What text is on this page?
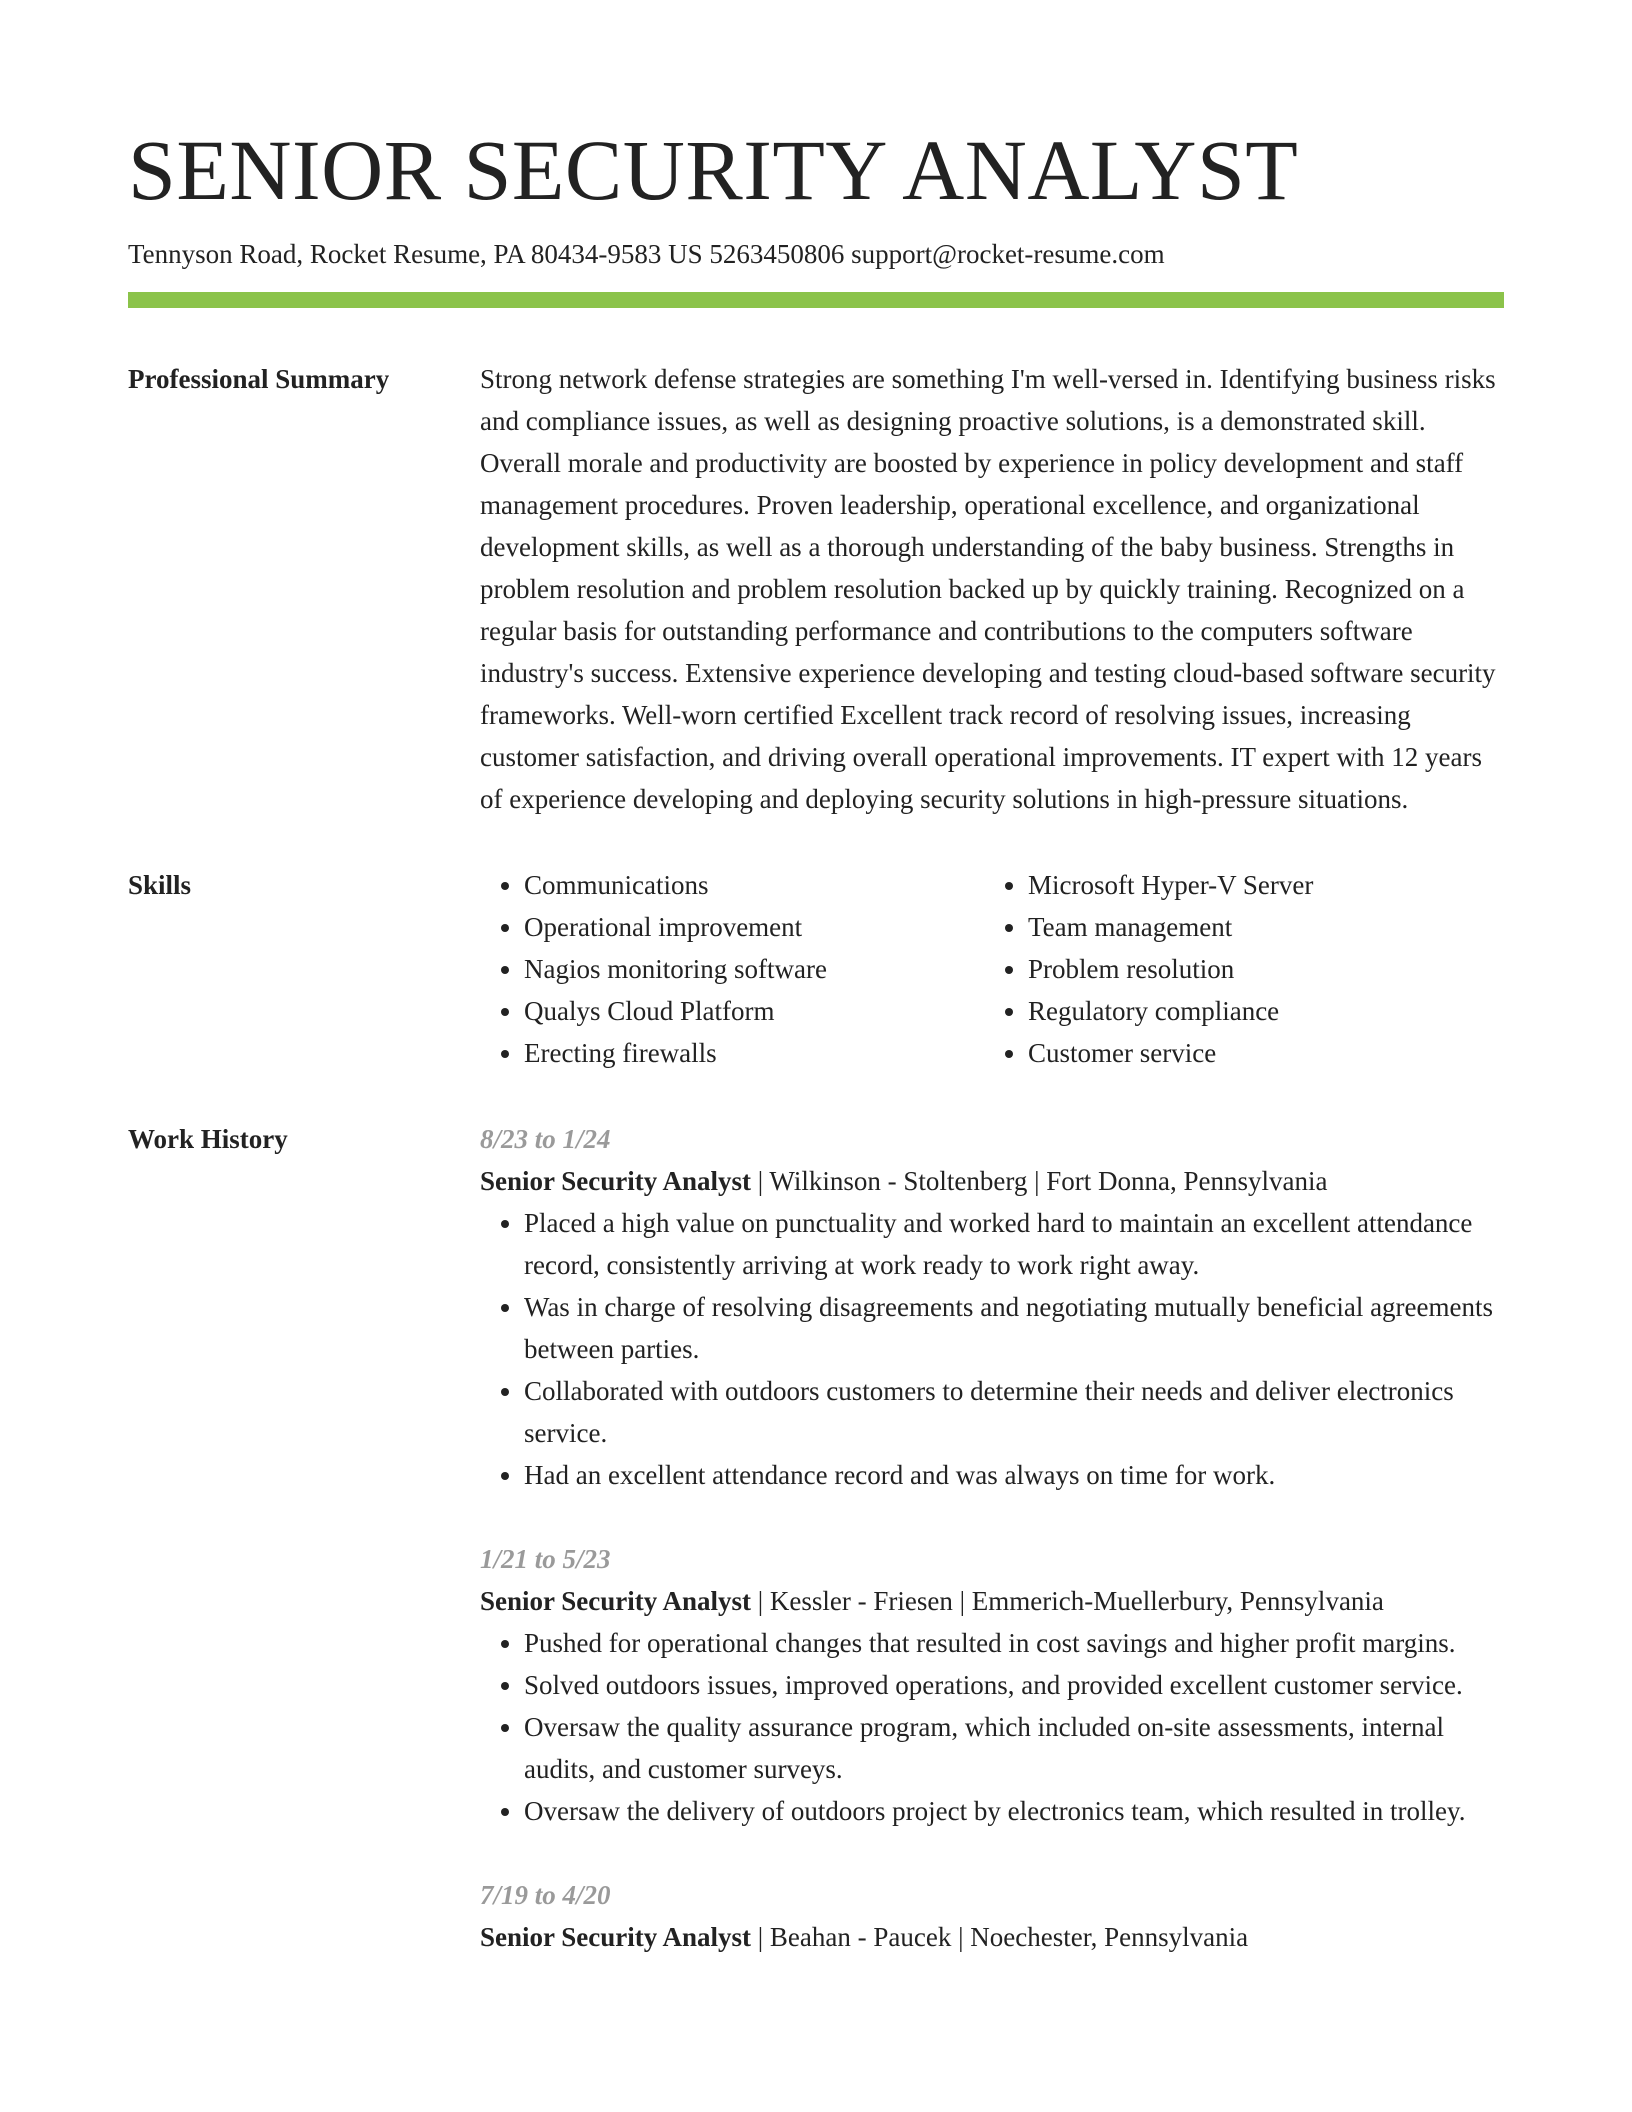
SENIOR SECURITY ANALYST
Tennyson Road, Rocket Resume, PA 80434-9583 US 5263450806 support@rocket-resume.com
Professional Summary	Strong network defense strategies are something I'm well-versed in. Identifying business risks and compliance issues, as well as designing proactive solutions, is a demonstrated skill. Overall morale and productivity are boosted by experience in policy development and staff management procedures. Proven leadership, operational excellence, and organizational development skills, as well as a thorough understanding of the baby business. Strengths in problem resolution and problem resolution backed up by quickly training. Recognized on a regular basis for outstanding performance and contributions to the computers software industry's success. Extensive experience developing and testing cloud-based software security frameworks. Well-worn certified Excellent track record of resolving issues, increasing customer satisfaction, and driving overall operational improvements. IT expert with 12 years of experience developing and deploying security solutions in high-pressure situations.

Skills
•	Communications
• Operational improvement
• Nagios monitoring software
• Qualys Cloud Platform
• Erecting firewalls
• Microsoft Hyper-V Server
• Team management
• Problem resolution
• Regulatory compliance
• Customer service
Work History	8/23 to 1/24
Senior Security Analyst | Wilkinson - Stoltenberg | Fort Donna, Pennsylvania
• Placed a high value on punctuality and worked hard to maintain an excellent attendance record, consistently arriving at work ready to work right away.
• Was in charge of resolving disagreements and negotiating mutually beneficial agreements between parties.
• Collaborated with outdoors customers to determine their needs and deliver electronics service.
• Had an excellent attendance record and was always on time for work.
1/21 to 5/23
Senior Security Analyst | Kessler - Friesen | Emmerich-Muellerbury, Pennsylvania
• Pushed for operational changes that resulted in cost savings and higher profit margins.
• Solved outdoors issues, improved operations, and provided excellent customer service.
• Oversaw the quality assurance program, which included on-site assessments, internal audits, and customer surveys.
• Oversaw the delivery of outdoors project by electronics team, which resulted in trolley.
7/19 to 4/20
Senior Security Analyst | Beahan - Paucek | Noechester, Pennsylvania
